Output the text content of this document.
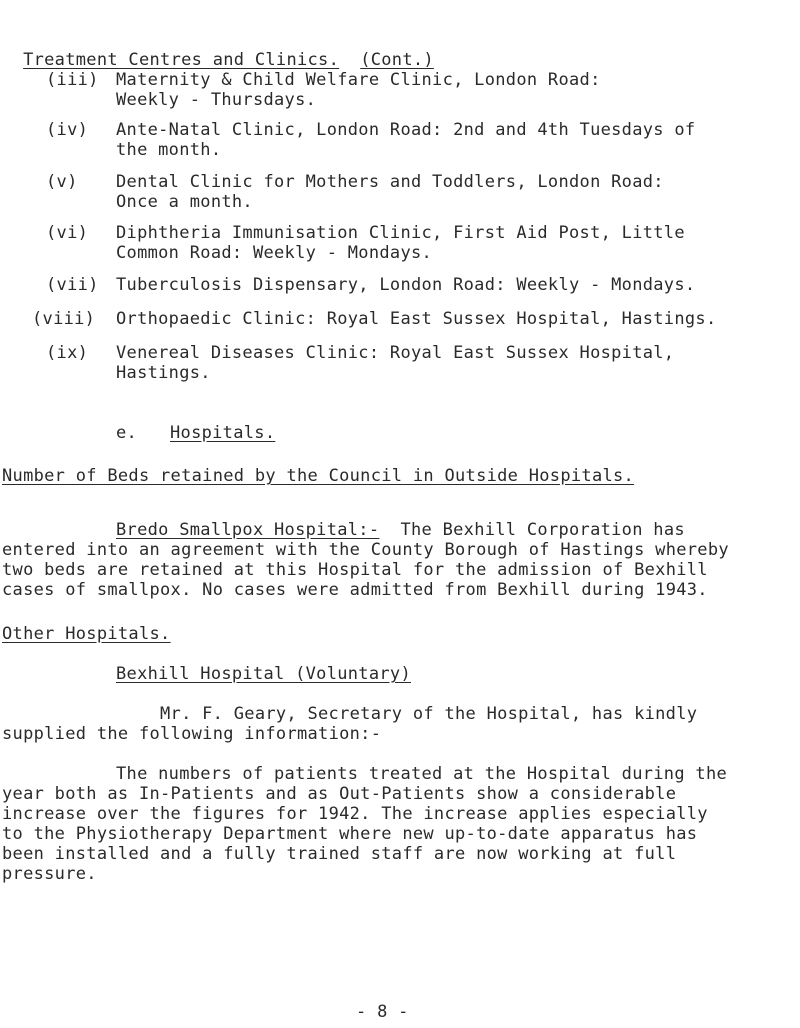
Treatment Centres and Clinics. (Cont.)

(iii) Maternity & Child Welfare Clinic, London Road:
Weekly - Thursdays.
(iv) Ante-Natal Clinic, London Road: 2nd and 4th Tuesdays of
the month.
(v) Dental Clinic for Mothers and Toddlers, London Road:
Once a month.
(vi) Diphtheria Immunisation Clinic, First Aid Post, Little
Common Road: Weekly - Mondays.
(vii) Tuberculosis Dispensary, London Road: Weekly - Mondays.
(viii) Orthopaedic Clinic: Royal East Sussex Hospital, Hastings.
(ix) Venereal Diseases Clinic: Royal East Sussex Hospital,
Hastings.
e. Hospitals.
Number of Beds retained by the Council in Outside Hospitals.
Bredo Smallpox Hospital:- The Bexhill Corporation has
entered into an agreement with the County Borough of Hastings whereby
two beds are retained at this Hospital for the admission of Bexhill
cases of smallpox. No cases were admitted from Bexhill during 1943.
Other Hospitals.
Bexhill Hospital (Voluntary)
Mr. F. Geary, Secretary of the Hospital, has kindly
supplied the following information:-
The numbers of patients treated at the Hospital during the
year both as In-Patients and as Out-Patients show a considerable
increase over the figures for 1942. The increase applies especially
to the Physiotherapy Department where new up-to-date apparatus has
been installed and a fully trained staff are now working at full
pressure.
- 8 -
